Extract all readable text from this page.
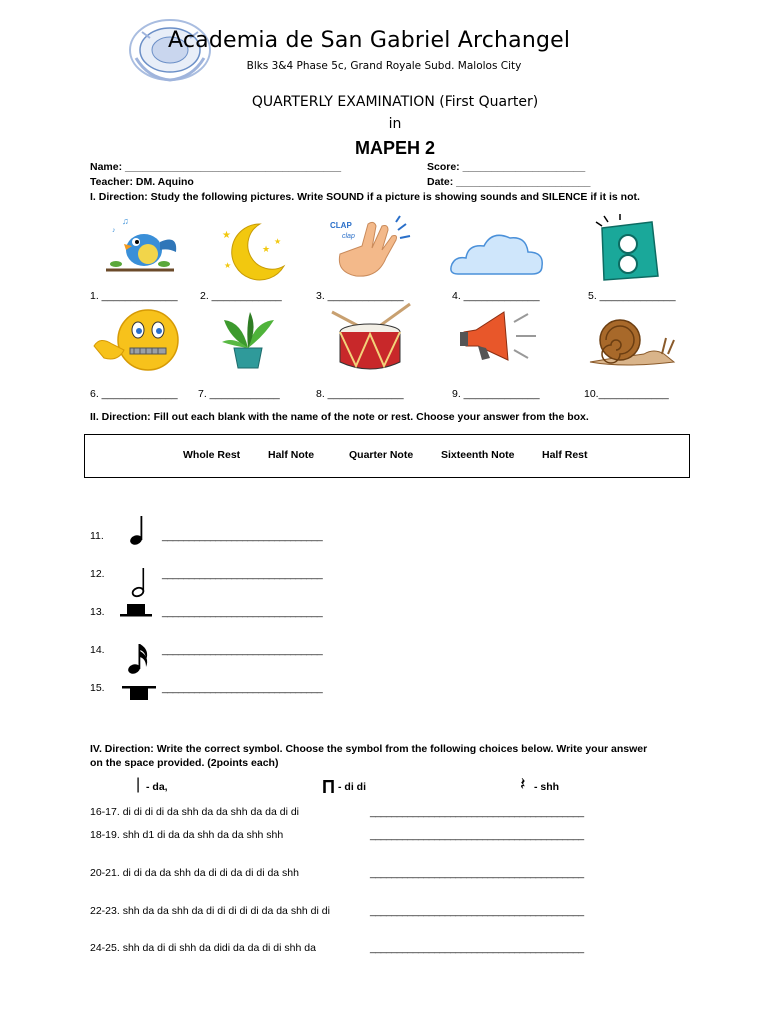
Academia de San Gabriel Archangel
Blks 3&4 Phase 5c, Grand Royale Subd. Malolos City
QUARTERLY EXAMINATION (First Quarter)
in
MAPEH 2
Name: _____________________________________	Score: _____________________
Teacher: DM. Aquino	Date: _______________________
I. Direction: Study the following pictures. Write SOUND if a picture is showing sounds and SILENCE if it is not.
♫
♪	★
★
★
★
CLAP
clap
1. _____________ 2. ____________	3. _____________	4. _____________	5. _____________
6. _____________ 7. ____________	8. _____________	9. _____________	10.____________
II. Direction: Fill out each blank with the name of the note or rest. Choose your answer from the box.
Whole Rest	Half Note	Quarter Note	Sixteenth Note	Half Rest
11.	______________________________
12.	______________________________
13.	______________________________
14.	______________________________
15.	______________________________
IV. Direction: Write the correct symbol. Choose the symbol from the following choices below. Write your answer
on the space provided. (2points each)
| - da,	Π - di di	𝄽 - shh
16-17. di di di di da shh da da shh da da di di	________________________________________
18-19. shh d1 di da da shh da da shh shh	________________________________________
20-21. di di da da shh da di di da di di da shh	________________________________________
22-23. shh da da shh da di di di di di da da shh di di	________________________________________
24-25. shh da di di shh da didi da da di di shh da	________________________________________
